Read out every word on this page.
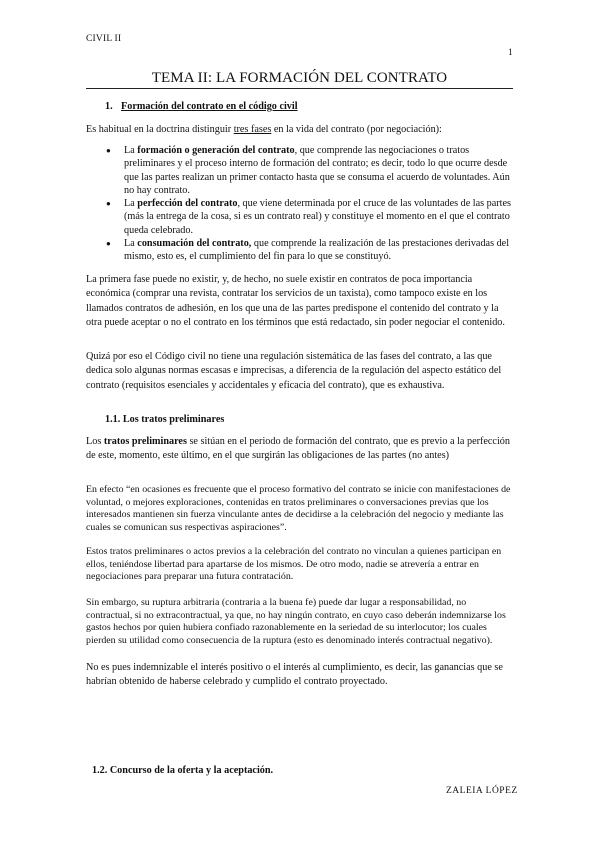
CIVIL II
1
TEMA II: LA FORMACIÓN DEL CONTRATO

1. Formación del contrato en el código civil

Es habitual en la doctrina distinguir tres fases en la vida del contrato (por negociación):

● La formación o generación del contrato, que comprende las negociaciones o tratos preliminares y el proceso interno de formación del contrato; es decir, todo lo que ocurre desde que las partes realizan un primer contacto hasta que se consuma el acuerdo de voluntades. Aún no hay contrato.
● La perfección del contrato, que viene determinada por el cruce de las voluntades de las partes (más la entrega de la cosa, si es un contrato real) y constituye el momento en el que el contrato queda celebrado.
● La consumación del contrato, que comprende la realización de las prestaciones derivadas del mismo, esto es, el cumplimiento del fin para lo que se constituyó.

La primera fase puede no existir, y, de hecho, no suele existir en contratos de poca importancia económica (comprar una revista, contratar los servicios de un taxista), como tampoco existe en los llamados contratos de adhesión, en los que una de las partes predispone el contenido del contrato y la otra puede aceptar o no el contrato en los términos que está redactado, sin poder negociar el contenido.

Quizá por eso el Código civil no tiene una regulación sistemática de las fases del contrato, a las que dedica solo algunas normas escasas e imprecisas, a diferencia de la regulación del aspecto estático del contrato (requisitos esenciales y accidentales y eficacia del contrato), que es exhaustiva.

1.1. Los tratos preliminares

Los tratos preliminares se sitúan en el periodo de formación del contrato, que es previo a la perfección de este, momento, este último, en el que surgirán las obligaciones de las partes (no antes)

En efecto “en ocasiones es frecuente que el proceso formativo del contrato se inicie con manifestaciones de voluntad, o mejores exploraciones, contenidas en tratos preliminares o conversaciones previas que los interesados mantienen sin fuerza vinculante antes de decidirse a la celebración del negocio y mediante las cuales se comunican sus respectivas aspiraciones”.

Estos tratos preliminares o actos previos a la celebración del contrato no vinculan a quienes participan en ellos, teniéndose libertad para apartarse de los mismos. De otro modo, nadie se atrevería a entrar en negociaciones para preparar una futura contratación.

Sin embargo, su ruptura arbitraria (contraria a la buena fe) puede dar lugar a responsabilidad, no contractual, si no extracontractual, ya que, no hay ningún contrato, en cuyo caso deberán indemnizarse los gastos hechos por quien hubiera confiado razonablemente en la seriedad de su interlocutor; los cuales pierden su utilidad como consecuencia de la ruptura (esto es denominado interés contractual negativo).

No es pues indemnizable el interés positivo o el interés al cumplimiento, es decir, las ganancias que se habrían obtenido de haberse celebrado y cumplido el contrato proyectado.

1.2. Concurso de la oferta y la aceptación.

ZALEIA LÓPEZ
